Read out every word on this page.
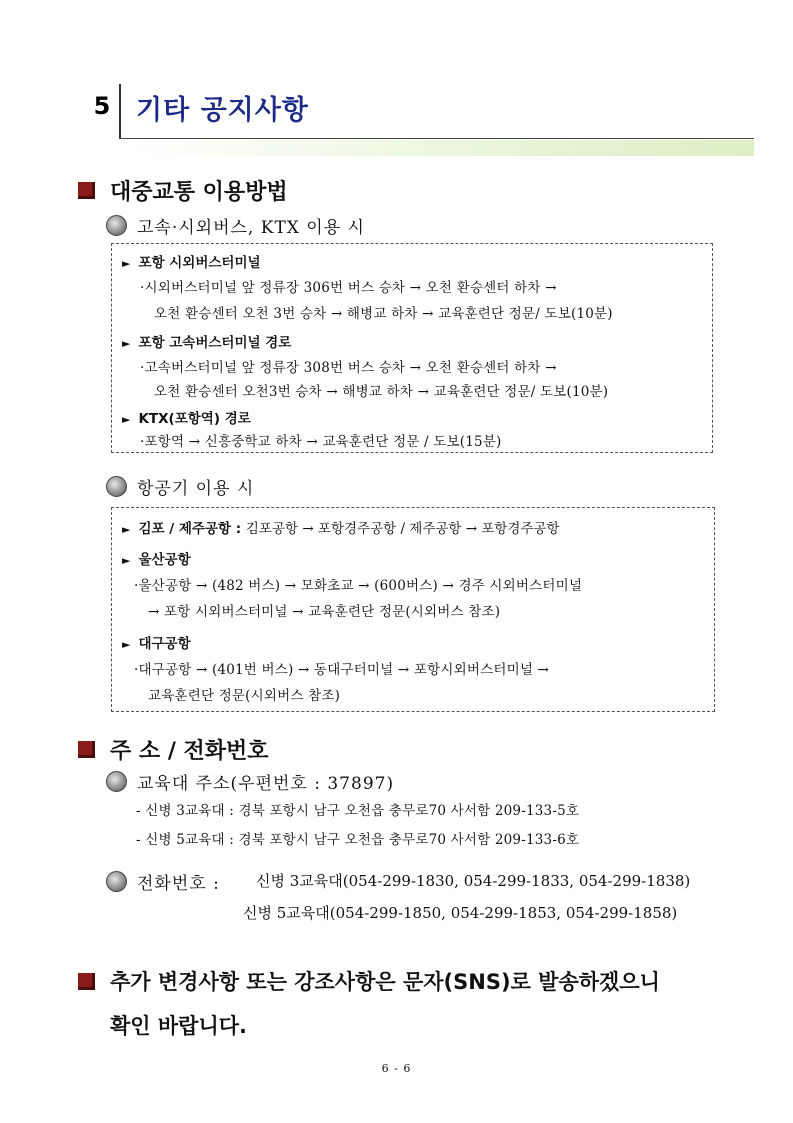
5 기타 공지사항
대중교통 이용방법
고속·시외버스, KTX 이용 시
► 포항 시외버스터미널
·시외버스터미널 앞 정류장 306번 버스 승차 → 오천 환승센터 하차 →
오천 환승센터 오천 3번 승차 → 해병교 하차 → 교육훈련단 정문/ 도보(10분)
► 포항 고속버스터미널 경로
·고속버스터미널 앞 정류장 308번 버스 승차 → 오천 환승센터 하차 →
오천 환승센터 오천3번 승차 → 해병교 하차 → 교육훈련단 정문/ 도보(10분)
► KTX(포항역) 경로
·포항역 → 신흥중학교 하차 → 교육훈련단 정문 / 도보(15분)
항공기 이용 시
► 김포 / 제주공항 : 김포공항 → 포항경주공항 / 제주공항 → 포항경주공항
► 울산공항
·울산공항 → (482 버스) → 모화초교 → (600버스) → 경주 시외버스터미널
→ 포항 시외버스터미널 → 교육훈련단 정문(시외버스 참조)
► 대구공항
·대구공항 → (401번 버스) → 동대구터미널 → 포항시외버스터미널 →
교육훈련단 정문(시외버스 참조)
주 소 / 전화번호
교육대 주소(우편번호 : 37897)
- 신병 3교육대 : 경북 포항시 남구 오천읍 충무로70 사서함 209-133-5호
- 신병 5교육대 : 경북 포항시 남구 오천읍 충무로70 사서함 209-133-6호
전화번호 : 신병 3교육대(054-299-1830, 054-299-1833, 054-299-1838)
신병 5교육대(054-299-1850, 054-299-1853, 054-299-1858)
추가 변경사항 또는 강조사항은 문자(SNS)로 발송하겠으니
확인 바랍니다.
6 - 6
